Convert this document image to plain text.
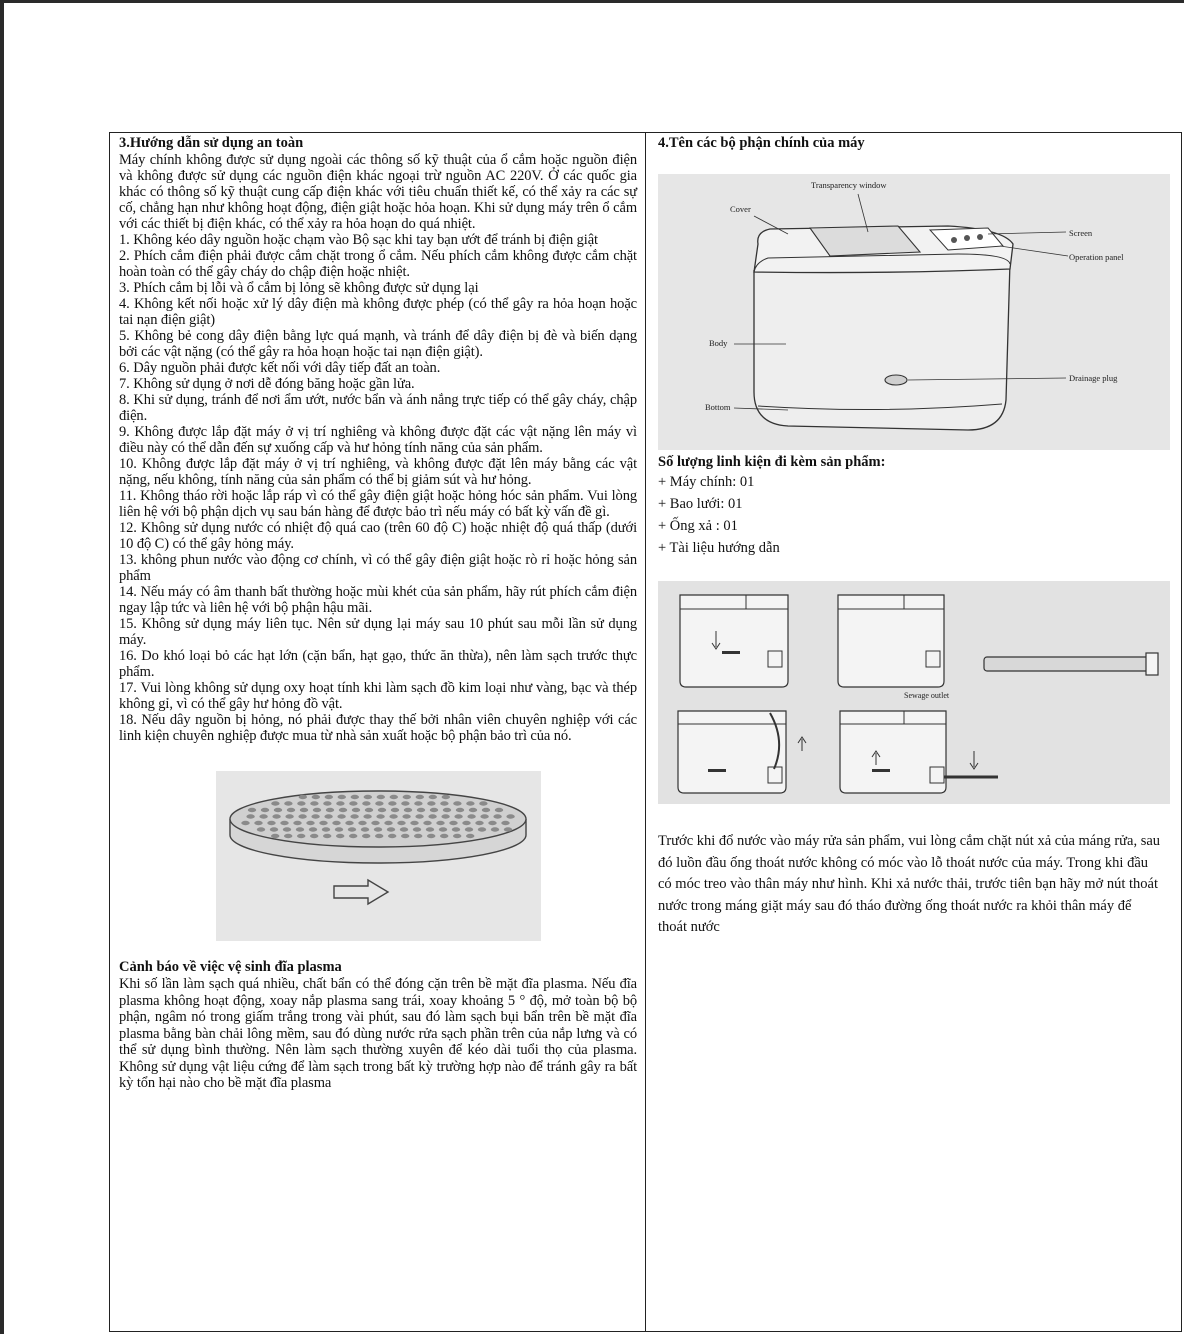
3.Hướng dẫn sử dụng an toàn

Máy chính không được sử dụng ngoài các thông số kỹ thuật của ổ cắm hoặc nguồn điện và không được sử dụng các nguồn điện khác ngoại trừ nguồn AC 220V. Ở các quốc gia khác có thông số kỹ thuật cung cấp điện khác với tiêu chuẩn thiết kế, có thể xảy ra các sự cố, chẳng hạn như không hoạt động, điện giật hoặc hỏa hoạn. Khi sử dụng máy trên ổ cắm với các thiết bị điện khác, có thể xảy ra hỏa hoạn do quá nhiệt.

1. Không kéo dây nguồn hoặc chạm vào Bộ sạc khi tay bạn ướt để tránh bị điện giật

2. Phích cắm điện phải được cắm chặt trong ổ cắm. Nếu phích cắm không được cắm chặt hoàn toàn có thể gây cháy do chập điện hoặc nhiệt.

3. Phích cắm bị lỗi và ổ cắm bị lỏng sẽ không được sử dụng lại

4. Không kết nối hoặc xử lý dây điện mà không được phép (có thể gây ra hỏa hoạn hoặc tai nạn điện giật)

5. Không bẻ cong dây điện bằng lực quá mạnh, và tránh để dây điện bị đè và biến dạng bởi các vật nặng (có thể gây ra hỏa hoạn hoặc tai nạn điện giật).

6. Dây nguồn phải được kết nối với dây tiếp đất an toàn.

7. Không sử dụng ở nơi dễ đóng băng hoặc gần lửa.

8. Khi sử dụng, tránh để nơi ẩm ướt, nước bẩn và ánh nắng trực tiếp có thể gây cháy, chập điện.

9. Không được lắp đặt máy ở vị trí nghiêng và không được đặt các vật nặng lên máy vì điều này có thể dẫn đến sự xuống cấp và hư hỏng tính năng của sản phẩm.

10. Không được lắp đặt máy ở vị trí nghiêng, và không được đặt lên máy bằng các vật nặng, nếu không, tính năng của sản phẩm có thể bị giảm sút và hư hỏng.

11. Không tháo rời hoặc lắp ráp vì có thể gây điện giật hoặc hỏng hóc sản phẩm. Vui lòng liên hệ với bộ phận dịch vụ sau bán hàng để được bảo trì nếu máy có bất kỳ vấn đề gì.

12. Không sử dụng nước có nhiệt độ quá cao (trên 60 độ C) hoặc nhiệt độ quá thấp (dưới 10 độ C) có thể gây hỏng máy.

13. không phun nước vào động cơ chính, vì có thể gây điện giật hoặc rò rỉ hoặc hỏng sản phẩm

14. Nếu máy có âm thanh bất thường hoặc mùi khét của sản phẩm, hãy rút phích cắm điện ngay lập tức và liên hệ với bộ phận hậu mãi.

15. Không sử dụng máy liên tục. Nên sử dụng lại máy sau 10 phút sau mỗi lần sử dụng máy.

16. Do khó loại bỏ các hạt lớn (cặn bẩn, hạt gạo, thức ăn thừa), nên làm sạch trước thực phẩm.

17. Vui lòng không sử dụng oxy hoạt tính khi làm sạch đồ kim loại như vàng, bạc và thép không gỉ, vì có thể gây hư hỏng đồ vật.

18. Nếu dây nguồn bị hỏng, nó phải được thay thế bởi nhân viên chuyên nghiệp với các linh kiện chuyên nghiệp được mua từ nhà sản xuất hoặc bộ phận bảo trì của nó.

Cảnh báo về việc vệ sinh đĩa plasma

Khi số lần làm sạch quá nhiều, chất bẩn có thể đóng cặn trên bề mặt đĩa plasma. Nếu đĩa plasma không hoạt động, xoay nắp plasma sang trái, xoay khoảng 5 ° độ, mở toàn bộ bộ phận, ngâm nó trong giấm trắng trong vài phút, sau đó làm sạch bụi bẩn trên bề mặt đĩa plasma bằng bàn chải lông mềm, sau đó dùng nước rửa sạch phần trên của nắp lưng và có thể sử dụng bình thường. Nên làm sạch thường xuyên để kéo dài tuổi thọ của plasma. Không sử dụng vật liệu cứng để làm sạch trong bất kỳ trường hợp nào để tránh gây ra bất kỳ tổn hại nào cho bề mặt đĩa plasma

4.Tên các bộ phận chính của máy

Transparency window
Cover
Screen
Operation panel
Body
Drainage plug
Bottom

Số lượng linh kiện đi kèm sản phẩm:

+ Máy chính: 01

+ Bao lưới: 01

+ Ống xả : 01

+ Tài liệu hướng dẫn

Sewage outlet

Trước khi đổ nước vào máy rửa sản phẩm, vui lòng cắm chặt nút xả của máng rửa, sau đó luồn đầu ống thoát nước không có móc vào lỗ thoát nước của máy. Trong khi đầu có móc treo vào thân máy như hình. Khi xả nước thải, trước tiên bạn hãy mở nút thoát nước trong máng giặt máy sau đó tháo đường ống thoát nước ra khỏi thân máy để thoát nước
